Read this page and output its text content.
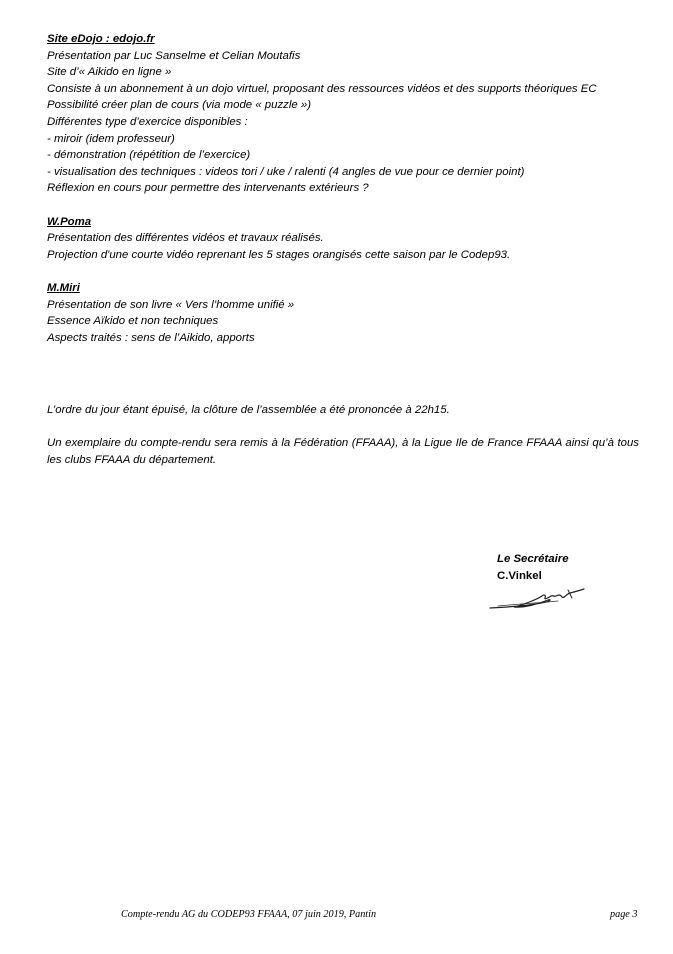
Site eDojo : edojo.fr
Présentation par Luc Sanselme et Celian Moutafis
Site d’« Aikido en ligne »
Consiste à un abonnement à un dojo virtuel, proposant des ressources vidéos et des supports théoriques EC
Possibilité créer plan de cours (via mode « puzzle »)
Différentes type d’exercice disponibles :
- miroir (idem professeur)
- démonstration (répétition de l’exercice)
- visualisation des techniques : videos tori / uke / ralenti (4 angles de vue pour ce dernier point)
Réflexion en cours pour permettre des intervenants extérieurs ?
W.Poma
Présentation des différentes vidéos et travaux réalisés.
Projection d'une courte vidéo reprenant les 5 stages orangisés cette saison par le Codep93.
M.Miri
Présentation de son livre « Vers l’homme unifié »
Essence Aïkido et non techniques
Aspects traités : sens de l’Aikido, apports

L’ordre du jour étant épuisé, la clôture de l’assemblée a été prononcée à 22h15.

Un exemplaire du compte-rendu sera remis à la Fédération (FFAAA), à la Ligue Ile de France FFAAA ainsi qu’à tous les clubs FFAAA du département.

Le Secrétaire
C.Vinkel
Compte-rendu AG du CODEP93 FFAAA, 07 juin 2019, Pantin	page 3
